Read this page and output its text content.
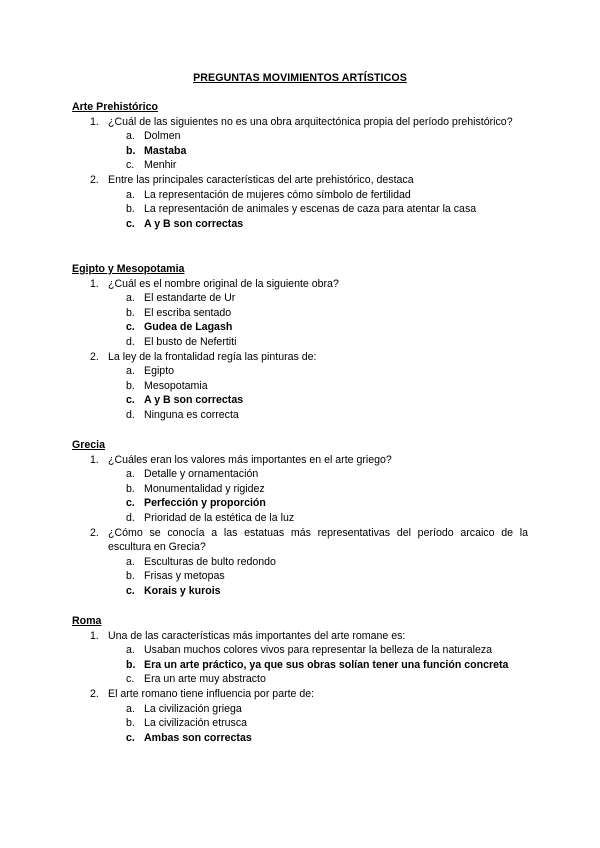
PREGUNTAS MOVIMIENTOS ARTÍSTICOS
Arte Prehistórico
1. ¿Cuál de las siguientes no es una obra arquitectónica propia del período prehistórico?
a. Dolmen
b. Mastaba
c. Menhir
2. Entre las principales características del arte prehistórico, destaca
a. La representación de mujeres cómo símbolo de fertilidad
b. La representación de animales y escenas de caza para atentar la casa
c. A y B son correctas
Egipto y Mesopotamia
1. ¿Cuál es el nombre original de la siguiente obra?
a. El estandarte de Ur
b. El escriba sentado
c. Gudea de Lagash
d. El busto de Nefertiti
2. La ley de la frontalidad regía las pinturas de:
a. Egipto
b. Mesopotamia
c. A y B son correctas
d. Ninguna es correcta
Grecia
1. ¿Cuáles eran los valores más importantes en el arte griego?
a. Detalle y ornamentación
b. Monumentalidad y rigidez
c. Perfección y proporción
d. Prioridad de la estética de la luz
2. ¿Cómo se conocía a las estatuas más representativas del período arcaico de la escultura en Grecia?
a. Esculturas de bulto redondo
b. Frisas y metopas
c. Korais y kurois
Roma
1. Una de las características más importantes del arte romane es:
a. Usaban muchos colores vivos para representar la belleza de la naturaleza
b. Era un arte práctico, ya que sus obras solían tener una función concreta
c. Era un arte muy abstracto
2. El arte romano tiene influencia por parte de:
a. La civilización griega
b. La civilización etrusca
c. Ambas son correctas
